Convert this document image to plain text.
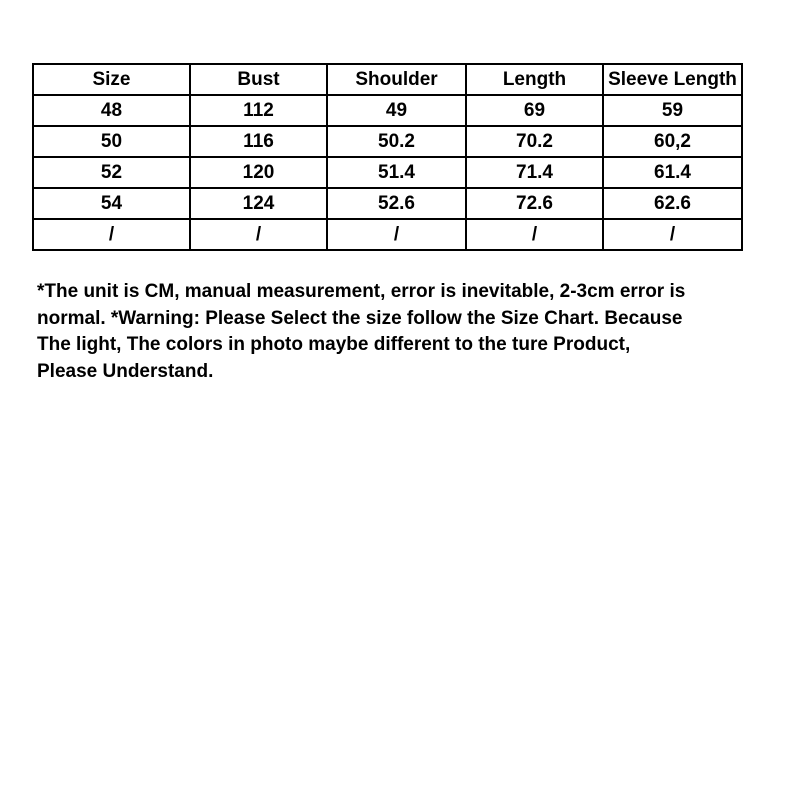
Size	Bust	Shoulder	Length	Sleeve Length
48	112	49	69	59
50	116	50.2	70.2	60,2
52	120	51.4	71.4	61.4
54	124	52.6	72.6	62.6
/	/	/	/	/

*The unit is CM, manual measurement, error is inevitable, 2-3cm error is
normal. *Warning: Please Select the size follow the Size Chart. Because
The light, The colors in photo maybe different to the ture Product,
Please Understand.
